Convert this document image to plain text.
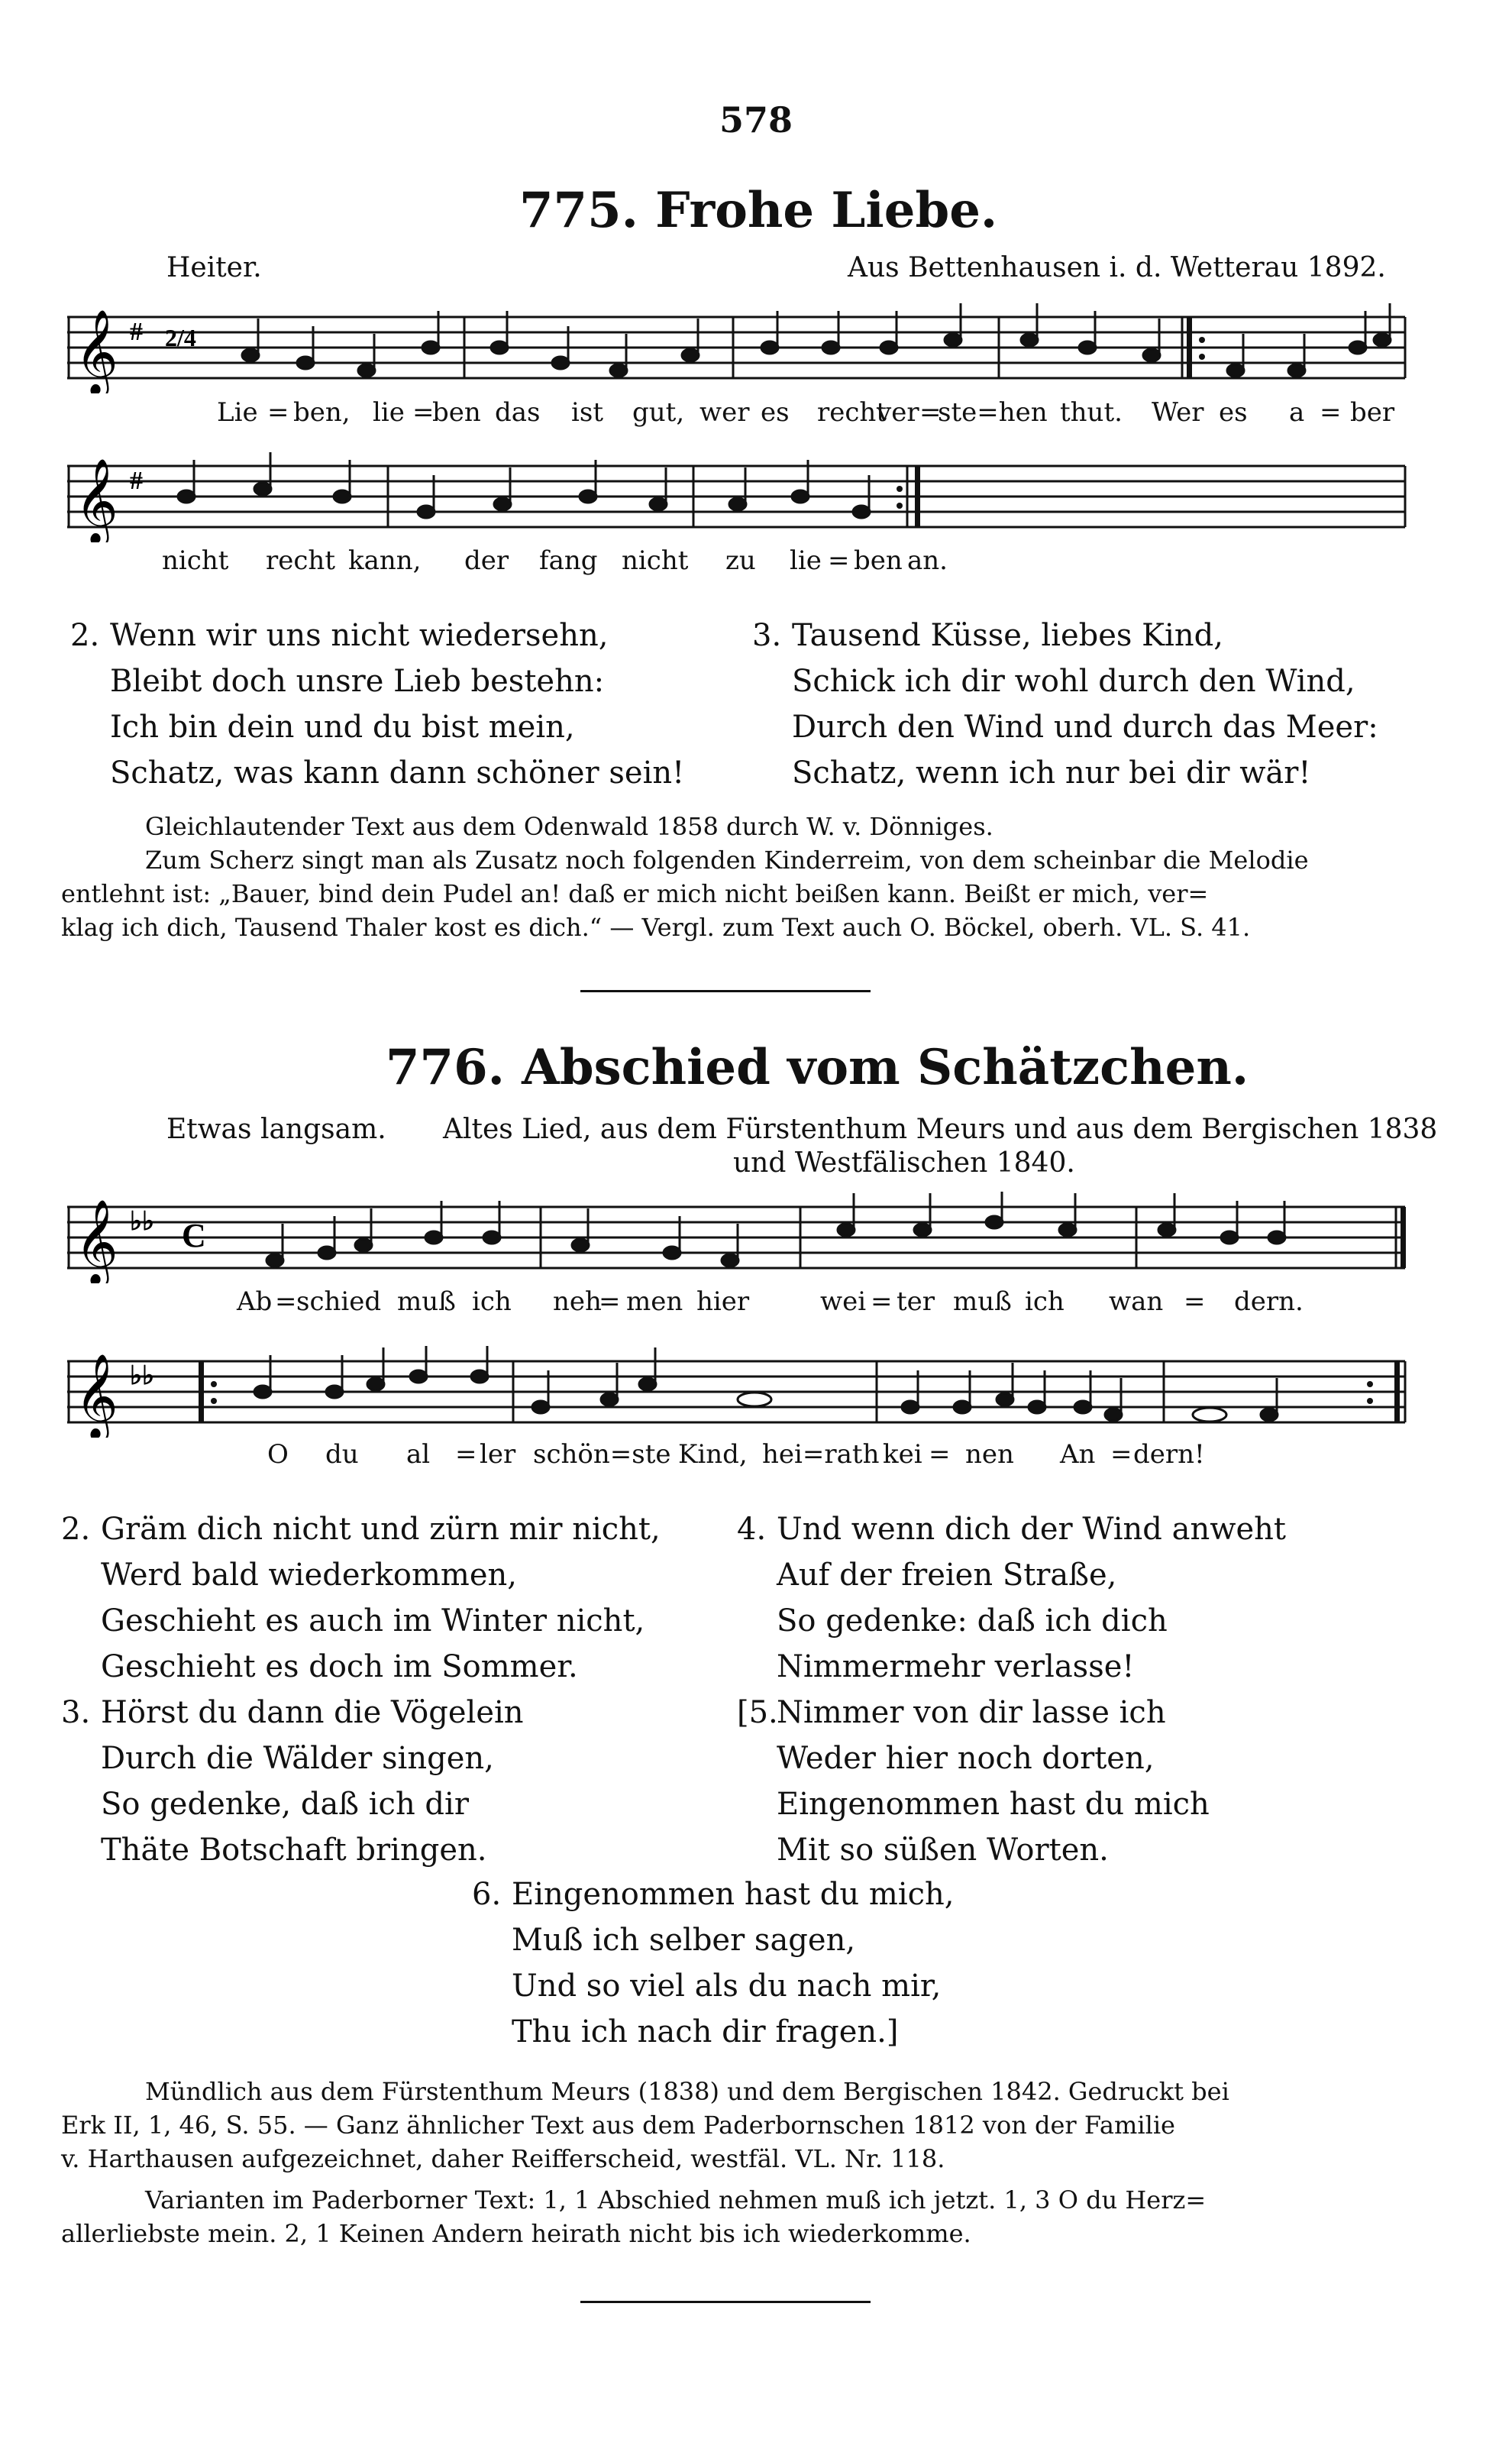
578
775. Frohe Liebe.
Heiter.	Aus Bettenhausen i. d. Wetterau 1892.
𝄞 # 2/4
Lie = ben, lie =
ben das ist gut, wer es recht
ver =
ste=hen thut. Wer es a = ber
𝄞 #
nicht recht kann, der fang nicht zu lie = ben an.
2. Wenn wir uns nicht wiedersehn,
Bleibt doch unsre Lieb bestehn:
Ich bin dein und du bist mein,
Schatz, was kann dann schöner sein!
3. Tausend Küsse, liebes Kind,
Schick ich dir wohl durch den Wind,
Durch den Wind und durch das Meer:
Schatz, wenn ich nur bei dir wär!
Gleichlautender Text aus dem Odenwald 1858 durch W. v. Dönniges.
Zum Scherz singt man als Zusatz noch folgenden Kinderreim, von dem scheinbar die Melodie
entlehnt ist: „Bauer, bind dein Pudel an! daß er mich nicht beißen kann. Beißt er mich, ver=
klag ich dich, Tausend Thaler kost es dich.“ — Vergl. zum Text auch O. Böckel, oberh. VL. S. 41.
776. Abschied vom Schätzchen.
Etwas langsam. Altes Lied, aus dem Fürstenthum Meurs und aus dem Bergischen 1838
und Westfälischen 1840.
𝄞 ♭♭ C
Ab = schied muß ich neh
= men hier	wei = ter muß ich wan = dern.
𝄞 ♭♭
O du al = ler schön=ste Kind, hei=rath kei = nen An = dern!
2. Gräm dich nicht und zürn mir nicht,
Werd bald wiederkommen,
Geschieht es auch im Winter nicht,
Geschieht es doch im Sommer.
4. Und wenn dich der Wind anweht
Auf der freien Straße,
So gedenke: daß ich dich
Nimmermehr verlasse!
3. Hörst du dann die Vögelein
Durch die Wälder singen,
So gedenke, daß ich dir
Thäte Botschaft bringen.
[5.Nimmer von dir lasse ich
Weder hier noch dorten,
Eingenommen hast du mich
Mit so süßen Worten.
6. Eingenommen hast du mich,
Muß ich selber sagen,
Und so viel als du nach mir,
Thu ich nach dir fragen.]
Mündlich aus dem Fürstenthum Meurs (1838) und dem Bergischen 1842. Gedruckt bei
Erk II, 1, 46, S. 55. — Ganz ähnlicher Text aus dem Paderbornschen 1812 von der Familie
v. Harthausen aufgezeichnet, daher Reifferscheid, westfäl. VL. Nr. 118.
Varianten im Paderborner Text: 1, 1 Abschied nehmen muß ich jetzt. 1, 3 O du Herz=
allerliebste mein. 2, 1 Keinen Andern heirath nicht bis ich wiederkomme.
